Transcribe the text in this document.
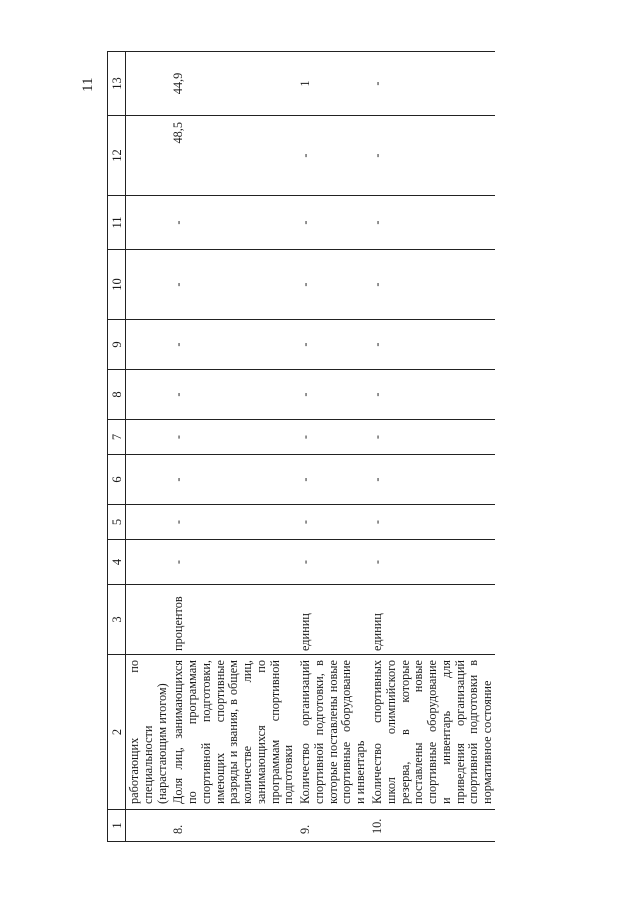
11
1	2	3	4	5	6	7	8	9	10	11	12	13
	работающих по специальности (нарастающим итогом)											
8.	Доля лиц, занимающихся по программам спортивной подготовки, имеющих спортивные разряды и звания, в общем количестве лиц, занимающихся по программам спортивной подготовки	процентов	-	-	-	-	-	-	-	-	48,5	44,9
9.	Количество организаций спортивной подготовки, в которые поставлены новые спортивные оборудование и инвентарь	единиц	-	-	-	-	-	-	-	-	-	1
10.	Количество спортивных школ олимпийского резерва, в которые поставлены новые спортивные оборудование и инвентарь для приведения организаций спортивной подготовки в нормативное состояние	единиц	-	-	-	-	-	-	-	-	-	-
